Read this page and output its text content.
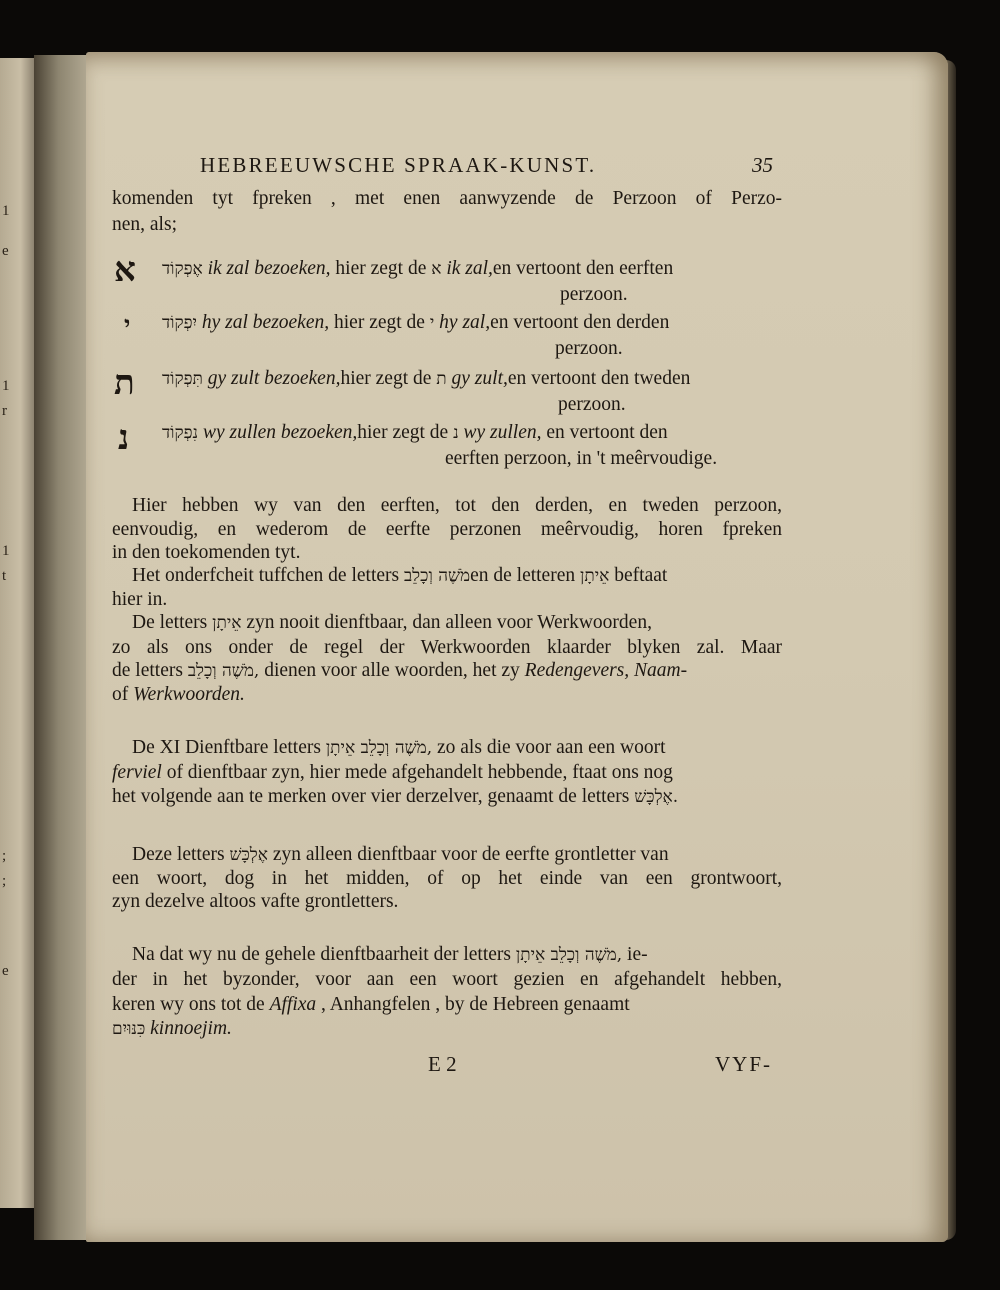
1
e
1
r
1
t
;
;
e
HEBREEUWSCHE SPRAAK-KUNST.	35
komenden tyt fpreken , met enen aanwyzende de Perzoon of Perzo-
nen, als;
א אֶפְקוֹד ik zal bezoeken, hier zegt de א ik zal,en vertoont den eerften
perzoon.
י יִפְקוֹד hy zal bezoeken, hier zegt de י hy zal,en vertoont den derden
perzoon.
ת תִּפְקוֹד gy zult bezoeken,hier zegt de ת gy zult,en vertoont den tweden
perzoon.
נ נִפְקוֹד wy zullen bezoeken,hier zegt de נ wy zullen, en vertoont den
eerften perzoon, in 't meêrvoudige.
Hier hebben wy van den eerften, tot den derden, en tweden perzoon,
eenvoudig, en wederom de eerfte perzonen meêrvoudig, horen fpreken
in den toekomenden tyt.
Het onderfcheit tuffchen de letters מֹשֶׁה וְכָלֵבen de letteren אֵיתָן beftaat
hier in.
De letters אֵיתָן zyn nooit dienftbaar, dan alleen voor Werkwoorden,
zo als ons onder de regel der Werkwoorden klaarder blyken zal. Maar
de letters מֹשֶׁה וְכָלֵב, dienen voor alle woorden, het zy Redengevers, Naam-
of Werkwoorden.
De XI Dienftbare letters מֹשֶׁה וְכָלֵב אֵיתָן, zo als die voor aan een woort
ferviel of dienftbaar zyn, hier mede afgehandelt hebbende, ftaat ons nog
het volgende aan te merken over vier derzelver, genaamt de letters אֶלְכָּשׁ.
Deze letters אֶלְכָּשׁ zyn alleen dienftbaar voor de eerfte grontletter van
een woort, dog in het midden, of op het einde van een grontwoort,
zyn dezelve altoos vafte grontletters.
Na dat wy nu de gehele dienftbaarheit der letters מֹשֶׁה וְכָלֵב אֵיתָן, ie-
der in het byzonder, voor aan een woort gezien en afgehandelt hebben,
keren wy ons tot de Affixa , Anhangfelen , by de Hebreen genaamt
כִּנּוּיִם kinnoejim.
E 2	VYF-
